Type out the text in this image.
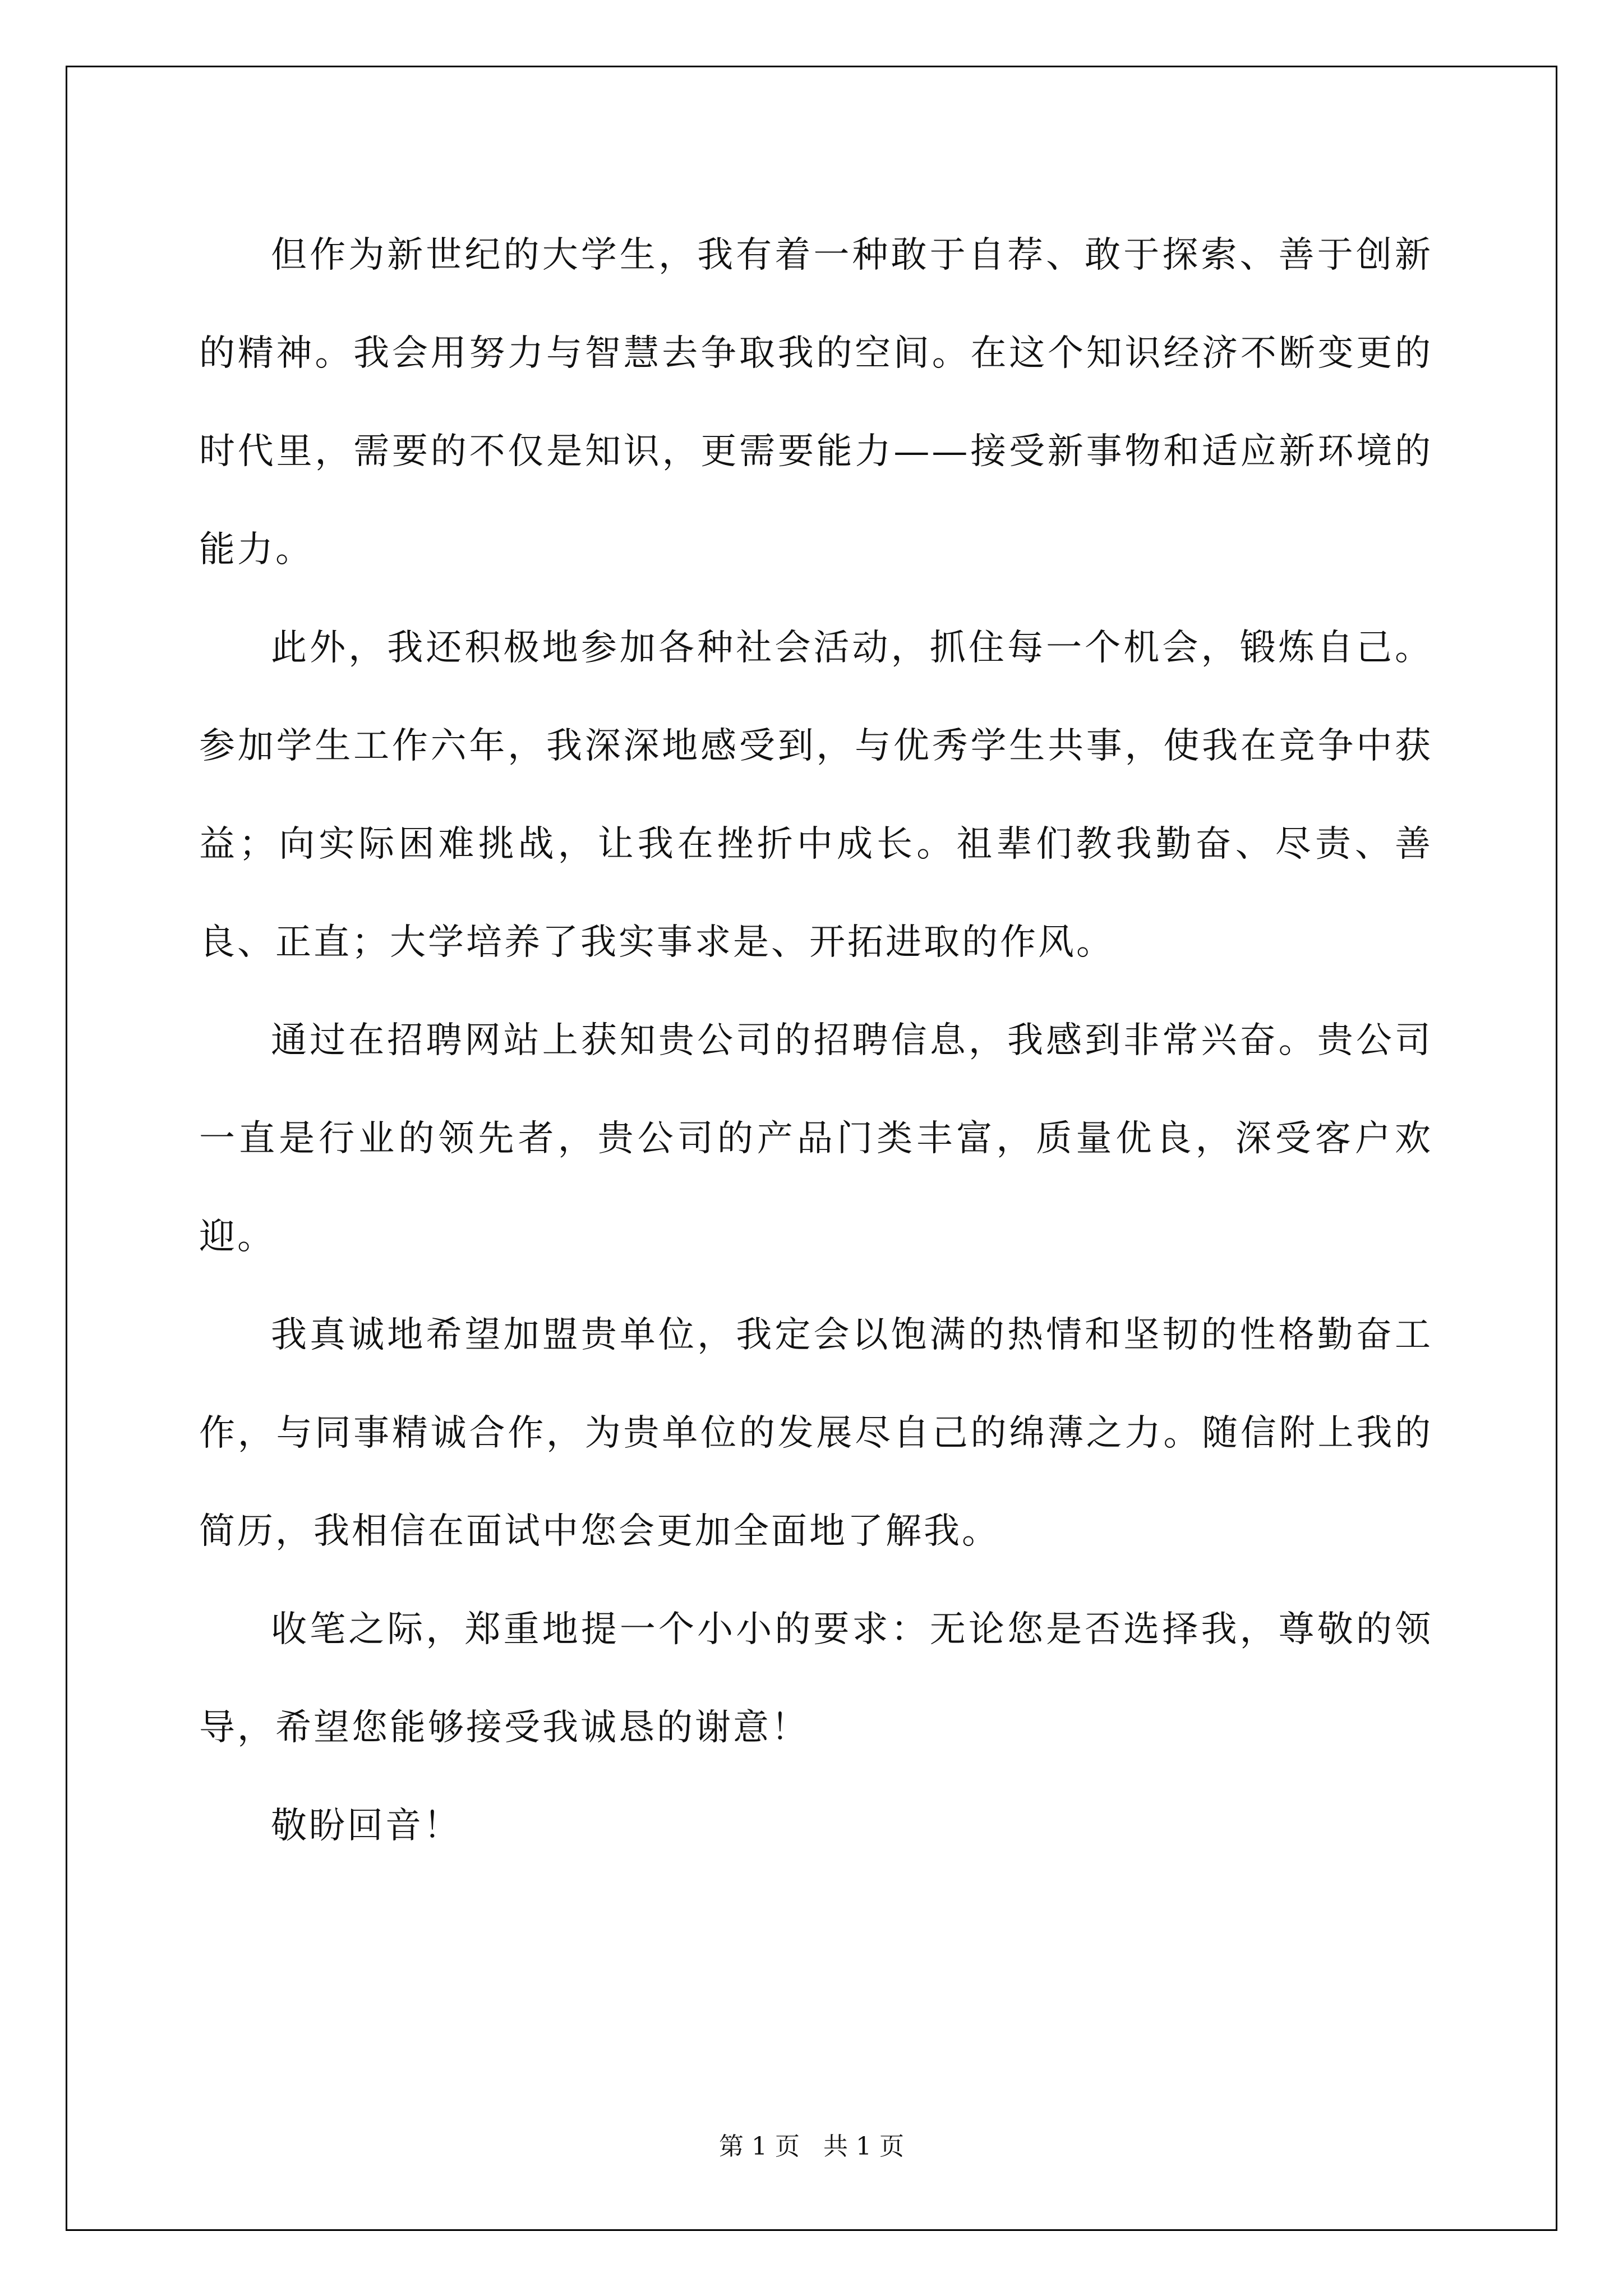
但作为新世纪的大学生，我有着一种敢于自荐、敢于探索、善于创新的精神。我会用努力与智慧去争取我的空间。在这个知识经济不断变更的时代里，需要的不仅是知识，更需要能力——接受新事物和适应新环境的能力。

此外，我还积极地参加各种社会活动，抓住每一个机会，锻炼自己。参加学生工作六年，我深深地感受到，与优秀学生共事，使我在竞争中获益；向实际困难挑战，让我在挫折中成长。祖辈们教我勤奋、尽责、善良、正直；大学培养了我实事求是、开拓进取的作风。

通过在招聘网站上获知贵公司的招聘信息，我感到非常兴奋。贵公司一直是行业的领先者，贵公司的产品门类丰富，质量优良，深受客户欢迎。

我真诚地希望加盟贵单位，我定会以饱满的热情和坚韧的性格勤奋工作，与同事精诚合作，为贵单位的发展尽自己的绵薄之力。随信附上我的简历，我相信在面试中您会更加全面地了解我。

收笔之际，郑重地提一个小小的要求：无论您是否选择我，尊敬的领导，希望您能够接受我诚恳的谢意！

敬盼回音！

第 1 页   共 1 页
